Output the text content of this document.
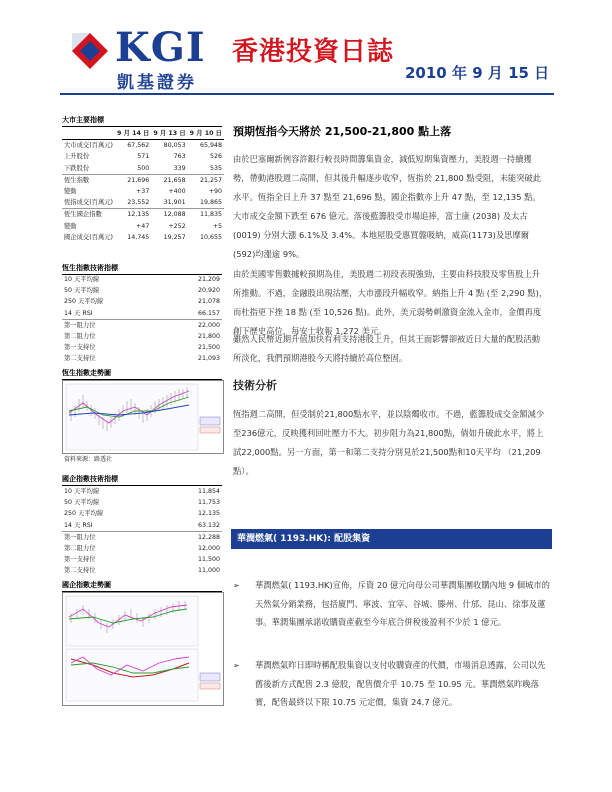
KGI
凱基證券
香港投資日誌
2010 年 9 月 15 日
大市主要指標
	9 月 14 日	9 月 13 日	9 月 10 日
大市成交(百萬元)	67,562	80,053	65,948
上升股份	571	763	526
下跌股份	500	339	535
恆生指數	21,696	21,658	21,257
變動	+37	+400	+90
恆指成交(百萬元)	23,552	31,901	19,865
恆生國企指數	12,135	12,088	11,835
變動	+47	+252	+5
國企成交(百萬元)	14,745	19,257	10,655
恆生指數技術指標
10 天平均線	21,209
50 天平均線	20,920
250 天平均線	21,078
14 天 RSI	66.157
第一阻力位	22,000
第二阻力位	21,800
第一支持位	21,500
第二支持位	21,093
恆生指數走勢圖
資料來源：路透社
國企指數技術指標
10 天平均線	11,854
50 天平均線	11,753
250 天平均線	12,135
14 天 RSI	63.132
第一阻力位	12,288
第二阻力位	12,000
第一支持位	11,500
第二支持位	11,000
國企指數走勢圖
預期恆指今天將於 21,500-21,800 點上落
由於巴塞爾新例容許銀行較長時間籌集資金，減低短期集資壓力，美股週一持續獲勢，帶動港股週二高開，但其後升幅逐步收窄，恆指於 21,800 點受阻，未能突破此水平。恆指全日上升 37 點至 21,696 點，國企指數亦上升 47 點，至 12,135 點。大市成交金額下跌至 676 億元。落後藍籌股受市場追捧，富士康 (2038) 及太古 (0019) 分別大漲 6.1%及 3.4%。本地屋股受惠買盤吸納，威高(1173)及思摩爾(592)均漲逾 9%。
由於美國零售數據較預期為佳，美股週二初段表現強勁，主要由科技股及零售股上升所推動。不過，金融股出現沽壓，大市漲段升幅收窄。納指上升 4 點 (至 2,290 點)，而杜指更下挫 18 點 (至 10,526 點)。此外，美元弱勢刺激資金流入金市，金價再度創下歷史高位，每安士收報 1,272 美元。
雖然人民幣近期升值加快有利支持港股上升，但其王面影響卻被近日大量的配股活動所淡化，我們預期港股今天將持續於高位整固。
技術分析
恆指週二高開，但受制於21,800點水平，並以陰燭收市。不過，藍籌股成交金額減少至236億元，反映獲利回吐壓力不大。初步阻力為21,800點，倘如升破此水平，將上試22,000點。另一方面，第一和第二支持分別見於21,500點和10天平均 （21,209點）。
華潤燃氣( 1193.HK): 配股集資
➢ 華潤燃氣( 1193.HK)宣佈，斥資 20 億元向母公司華潤集團收購內地 9 個城市的天然氣分銷業務，包括廈門、寧波、宜宰、谷城、滕州、什邡、昆山、徐事及蓮事。華潤集團承諾收購資產截至今年底合併稅後盈利不少於 1 億元。
➢ 華潤燃氣昨日即時稱配股集資以支付收購資產的代價，市場消息透露，公司以先舊後新方式配售 2.3 億股，配售價介乎 10.75 至 10.95 元。華潤燃氣昨晚落實，配售最終以下限 10.75 元定價，集資 24.7 億元。
